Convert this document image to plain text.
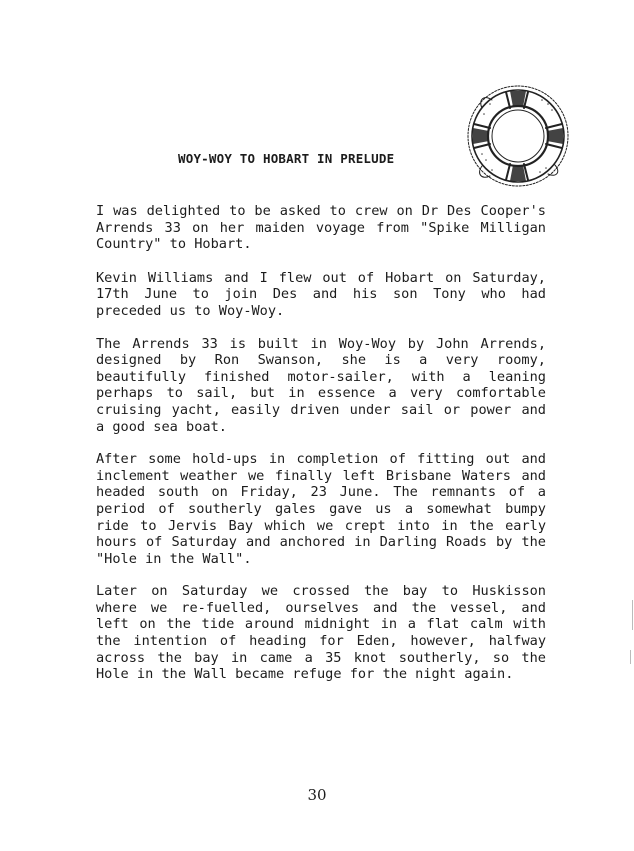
WOY-WOY TO HOBART IN PRELUDE

I was delighted to be asked to crew on Dr Des Cooper's Arrends 33 on her maiden voyage from "Spike Milligan Country" to Hobart.

Kevin Williams and I flew out of Hobart on Saturday, 17th June to join Des and his son Tony who had preceded us to Woy-Woy.

The Arrends 33 is built in Woy-Woy by John Arrends, designed by Ron Swanson, she is a very roomy, beautifully finished motor-sailer, with a leaning perhaps to sail, but in essence a very comfortable cruising yacht, easily driven under sail or power and a good sea boat.

After some hold-ups in completion of fitting out and inclement weather we finally left Brisbane Waters and headed south on Friday, 23 June. The remnants of a period of southerly gales gave us a somewhat bumpy ride to Jervis Bay which we crept into in the early hours of Saturday and anchored in Darling Roads by the "Hole in the Wall".

Later on Saturday we crossed the bay to Huskisson where we re-fuelled, ourselves and the vessel, and left on the tide around midnight in a flat calm with the intention of heading for Eden, however, halfway across the bay in came a 35 knot southerly, so the Hole in the Wall became refuge for the night again.

30
